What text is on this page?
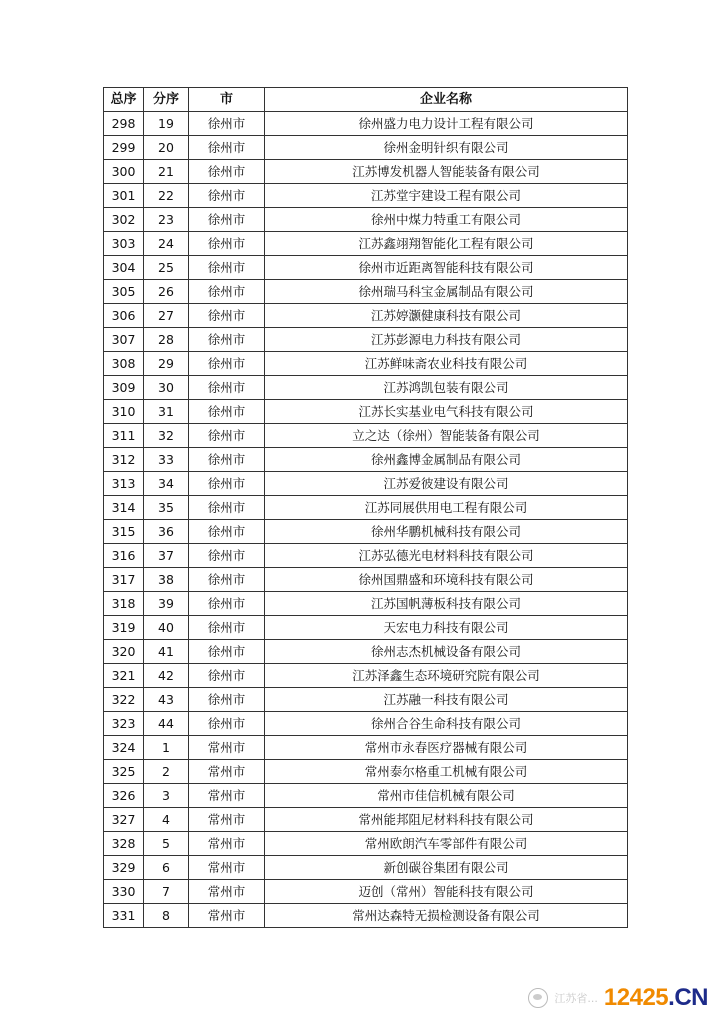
总序	分序	市	企业名称
298	19	徐州市	徐州盛力电力设计工程有限公司
299	20	徐州市	徐州金明针织有限公司
300	21	徐州市	江苏博发机器人智能装备有限公司
301	22	徐州市	江苏堂宇建设工程有限公司
302	23	徐州市	徐州中煤力特重工有限公司
303	24	徐州市	江苏鑫翊翔智能化工程有限公司
304	25	徐州市	徐州市近距离智能科技有限公司
305	26	徐州市	徐州瑞马科宝金属制品有限公司
306	27	徐州市	江苏婷灏健康科技有限公司
307	28	徐州市	江苏彭源电力科技有限公司
308	29	徐州市	江苏鲜味斋农业科技有限公司
309	30	徐州市	江苏鸿凯包装有限公司
310	31	徐州市	江苏长实基业电气科技有限公司
311	32	徐州市	立之达（徐州）智能装备有限公司
312	33	徐州市	徐州鑫博金属制品有限公司
313	34	徐州市	江苏爱彼建设有限公司
314	35	徐州市	江苏同展供用电工程有限公司
315	36	徐州市	徐州华鹏机械科技有限公司
316	37	徐州市	江苏弘德光电材料科技有限公司
317	38	徐州市	徐州国鼎盛和环境科技有限公司
318	39	徐州市	江苏国帆薄板科技有限公司
319	40	徐州市	天宏电力科技有限公司
320	41	徐州市	徐州志杰机械设备有限公司
321	42	徐州市	江苏泽鑫生态环境研究院有限公司
322	43	徐州市	江苏融一科技有限公司
323	44	徐州市	徐州合谷生命科技有限公司
324	1	常州市	常州市永春医疗器械有限公司
325	2	常州市	常州泰尔格重工机械有限公司
326	3	常州市	常州市佳信机械有限公司
327	4	常州市	常州能邦阻尼材料科技有限公司
328	5	常州市	常州欧朗汽车零部件有限公司
329	6	常州市	新创碳谷集团有限公司
330	7	常州市	迈创（常州）智能科技有限公司
331	8	常州市	常州达森特无损检测设备有限公司
江苏省... 12425.CN
